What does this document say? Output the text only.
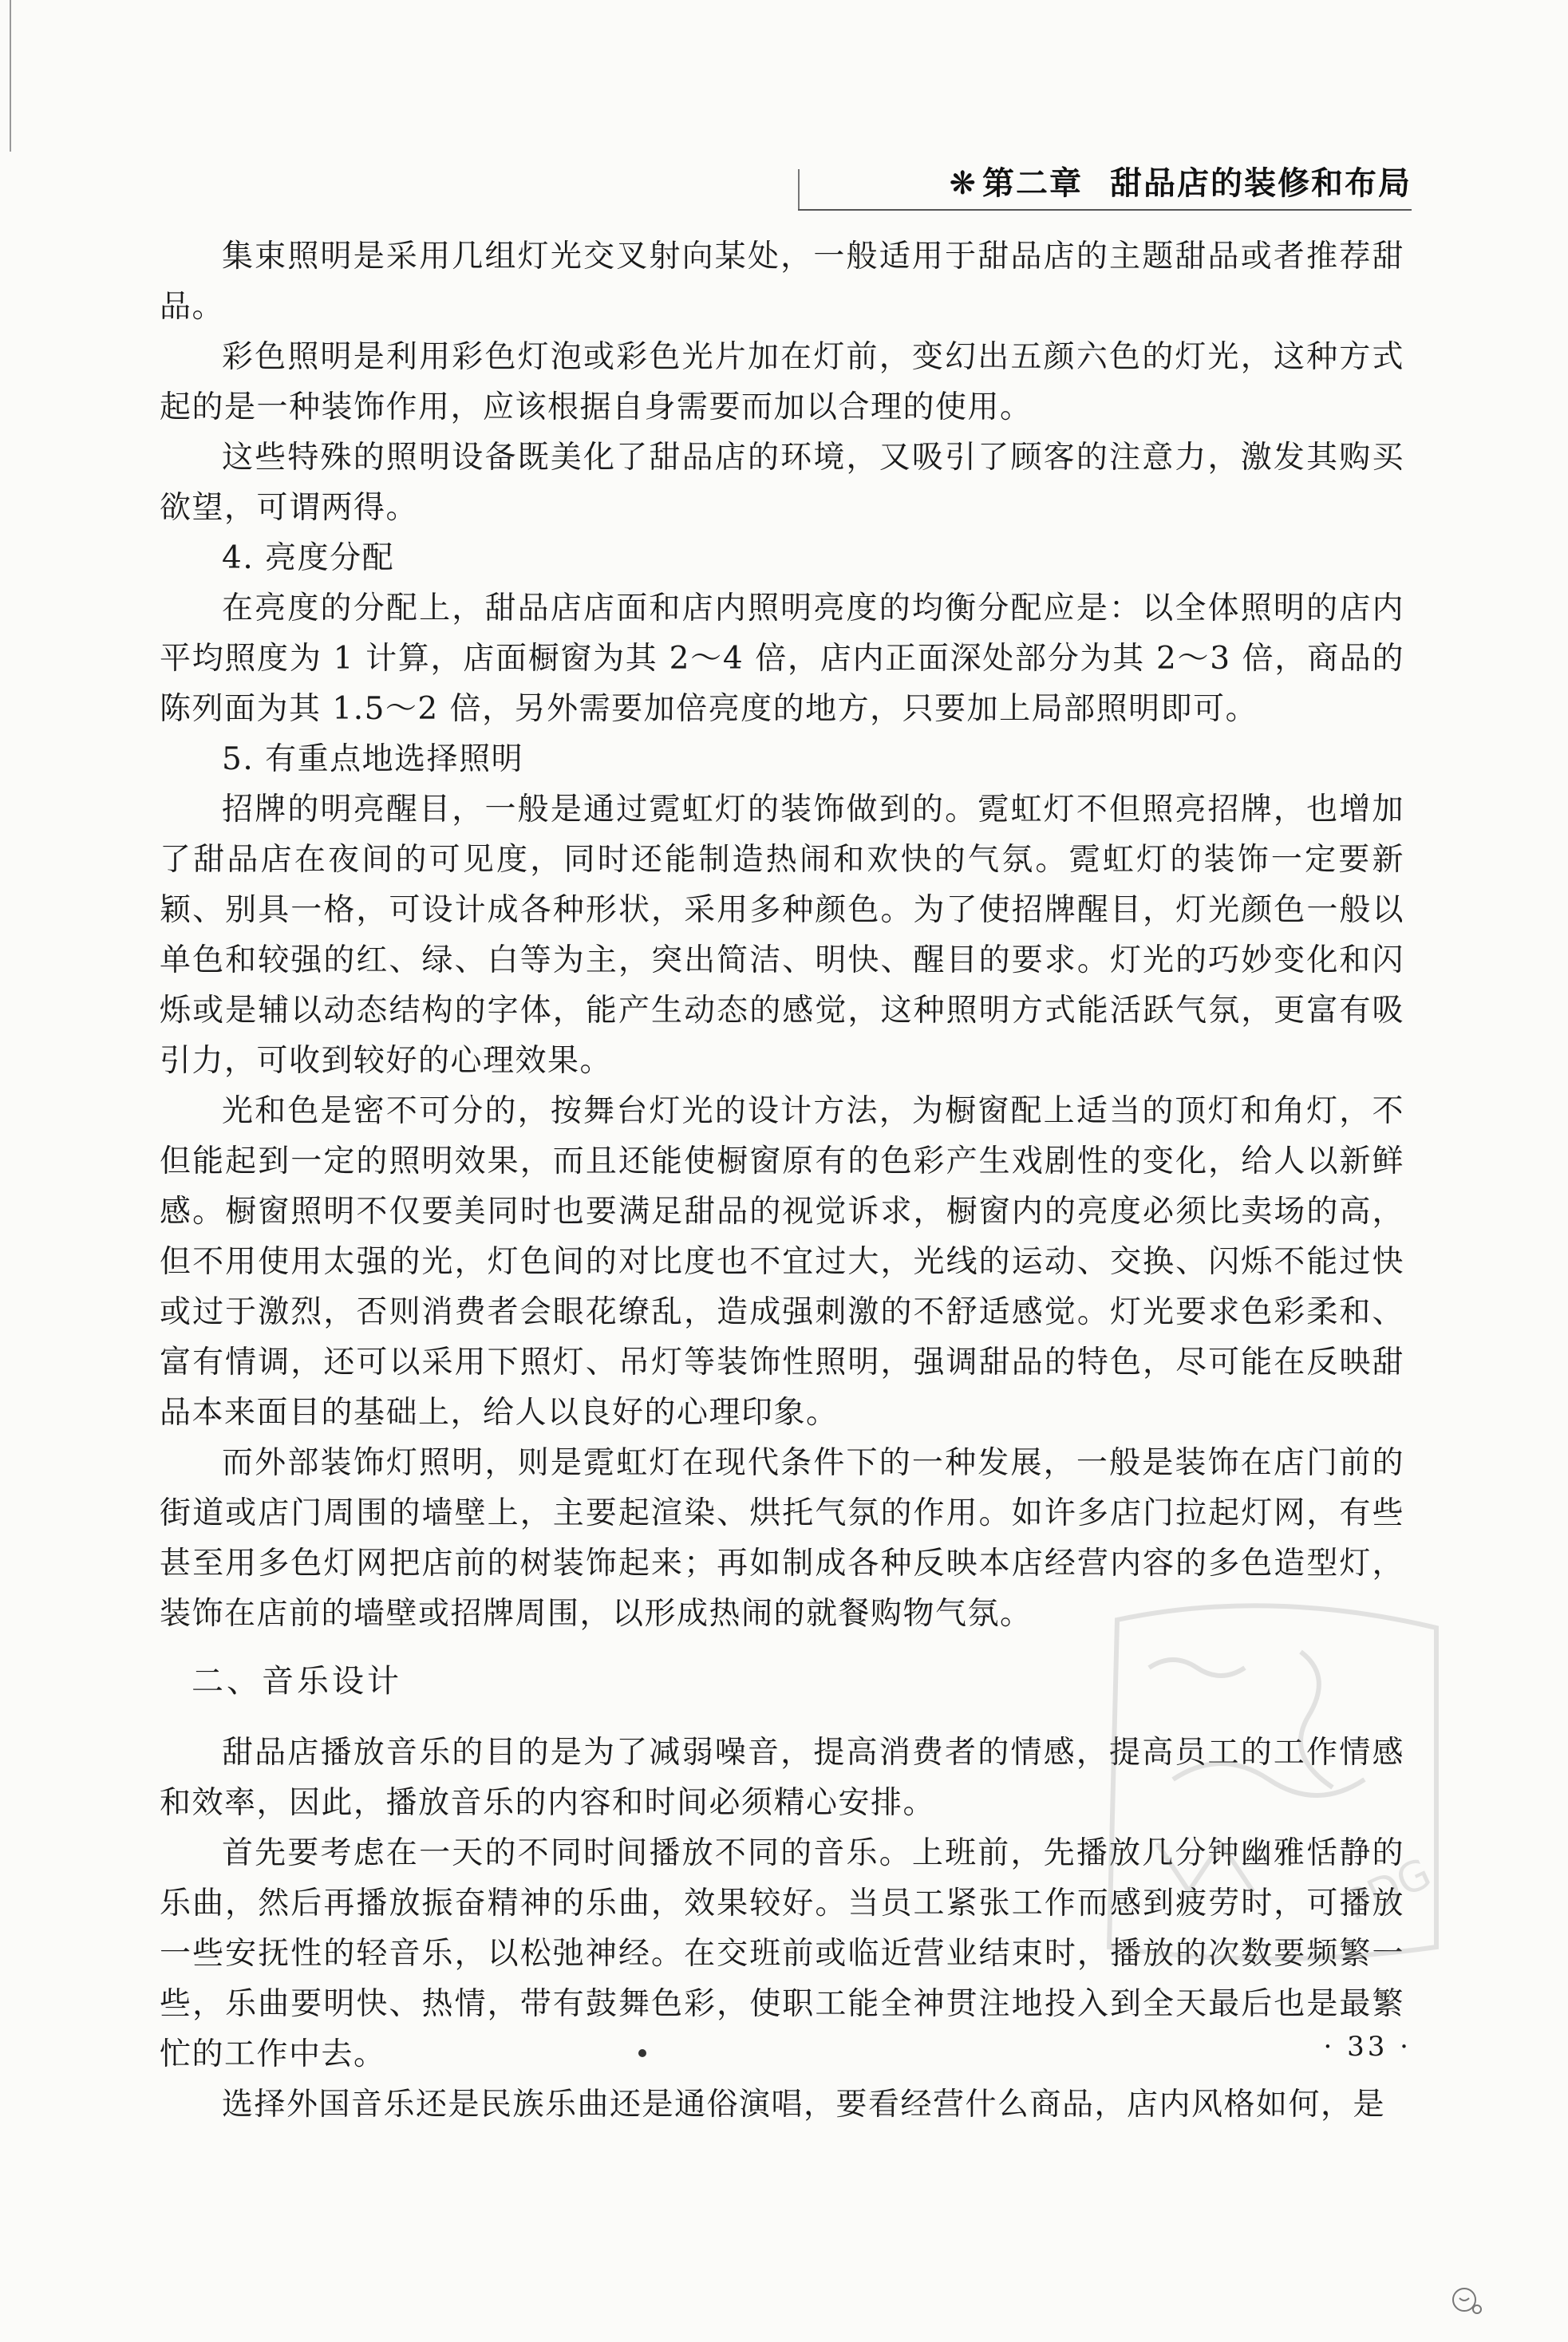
❋ 第二章 甜品店的装修和布局

集束照明是采用几组灯光交叉射向某处，一般适用于甜品店的主题甜品或者推荐甜品。

彩色照明是利用彩色灯泡或彩色光片加在灯前，变幻出五颜六色的灯光，这种方式起的是一种装饰作用，应该根据自身需要而加以合理的使用。

这些特殊的照明设备既美化了甜品店的环境，又吸引了顾客的注意力，激发其购买欲望，可谓两得。

4. 亮度分配

在亮度的分配上，甜品店店面和店内照明亮度的均衡分配应是：以全体照明的店内平均照度为 1 计算，店面橱窗为其 2～4 倍，店内正面深处部分为其 2～3 倍，商品的陈列面为其 1.5～2 倍，另外需要加倍亮度的地方，只要加上局部照明即可。

5. 有重点地选择照明

招牌的明亮醒目，一般是通过霓虹灯的装饰做到的。霓虹灯不但照亮招牌，也增加了甜品店在夜间的可见度，同时还能制造热闹和欢快的气氛。霓虹灯的装饰一定要新颖、别具一格，可设计成各种形状，采用多种颜色。为了使招牌醒目，灯光颜色一般以单色和较强的红、绿、白等为主，突出简洁、明快、醒目的要求。灯光的巧妙变化和闪烁或是辅以动态结构的字体，能产生动态的感觉，这种照明方式能活跃气氛，更富有吸引力，可收到较好的心理效果。

光和色是密不可分的，按舞台灯光的设计方法，为橱窗配上适当的顶灯和角灯，不但能起到一定的照明效果，而且还能使橱窗原有的色彩产生戏剧性的变化，给人以新鲜感。橱窗照明不仅要美同时也要满足甜品的视觉诉求，橱窗内的亮度必须比卖场的高，但不用使用太强的光，灯色间的对比度也不宜过大，光线的运动、交换、闪烁不能过快或过于激烈，否则消费者会眼花缭乱，造成强刺激的不舒适感觉。灯光要求色彩柔和、富有情调，还可以采用下照灯、吊灯等装饰性照明，强调甜品的特色，尽可能在反映甜品本来面目的基础上，给人以良好的心理印象。

而外部装饰灯照明，则是霓虹灯在现代条件下的一种发展，一般是装饰在店门前的街道或店门周围的墙壁上，主要起渲染、烘托气氛的作用。如许多店门拉起灯网，有些甚至用多色灯网把店前的树装饰起来；再如制成各种反映本店经营内容的多色造型灯，装饰在店前的墙壁或招牌周围，以形成热闹的就餐购物气氛。

二、音乐设计

甜品店播放音乐的目的是为了减弱噪音，提高消费者的情感，提高员工的工作情感和效率，因此，播放音乐的内容和时间必须精心安排。

首先要考虑在一天的不同时间播放不同的音乐。上班前，先播放几分钟幽雅恬静的乐曲，然后再播放振奋精神的乐曲，效果较好。当员工紧张工作而感到疲劳时，可播放一些安抚性的轻音乐，以松弛神经。在交班前或临近营业结束时，播放的次数要频繁一些，乐曲要明快、热情，带有鼓舞色彩，使职工能全神贯注地投入到全天最后也是最繁忙的工作中去。

选择外国音乐还是民族乐曲还是通俗演唱，要看经营什么商品，店内风格如何，是

· 33 ·
PDG
